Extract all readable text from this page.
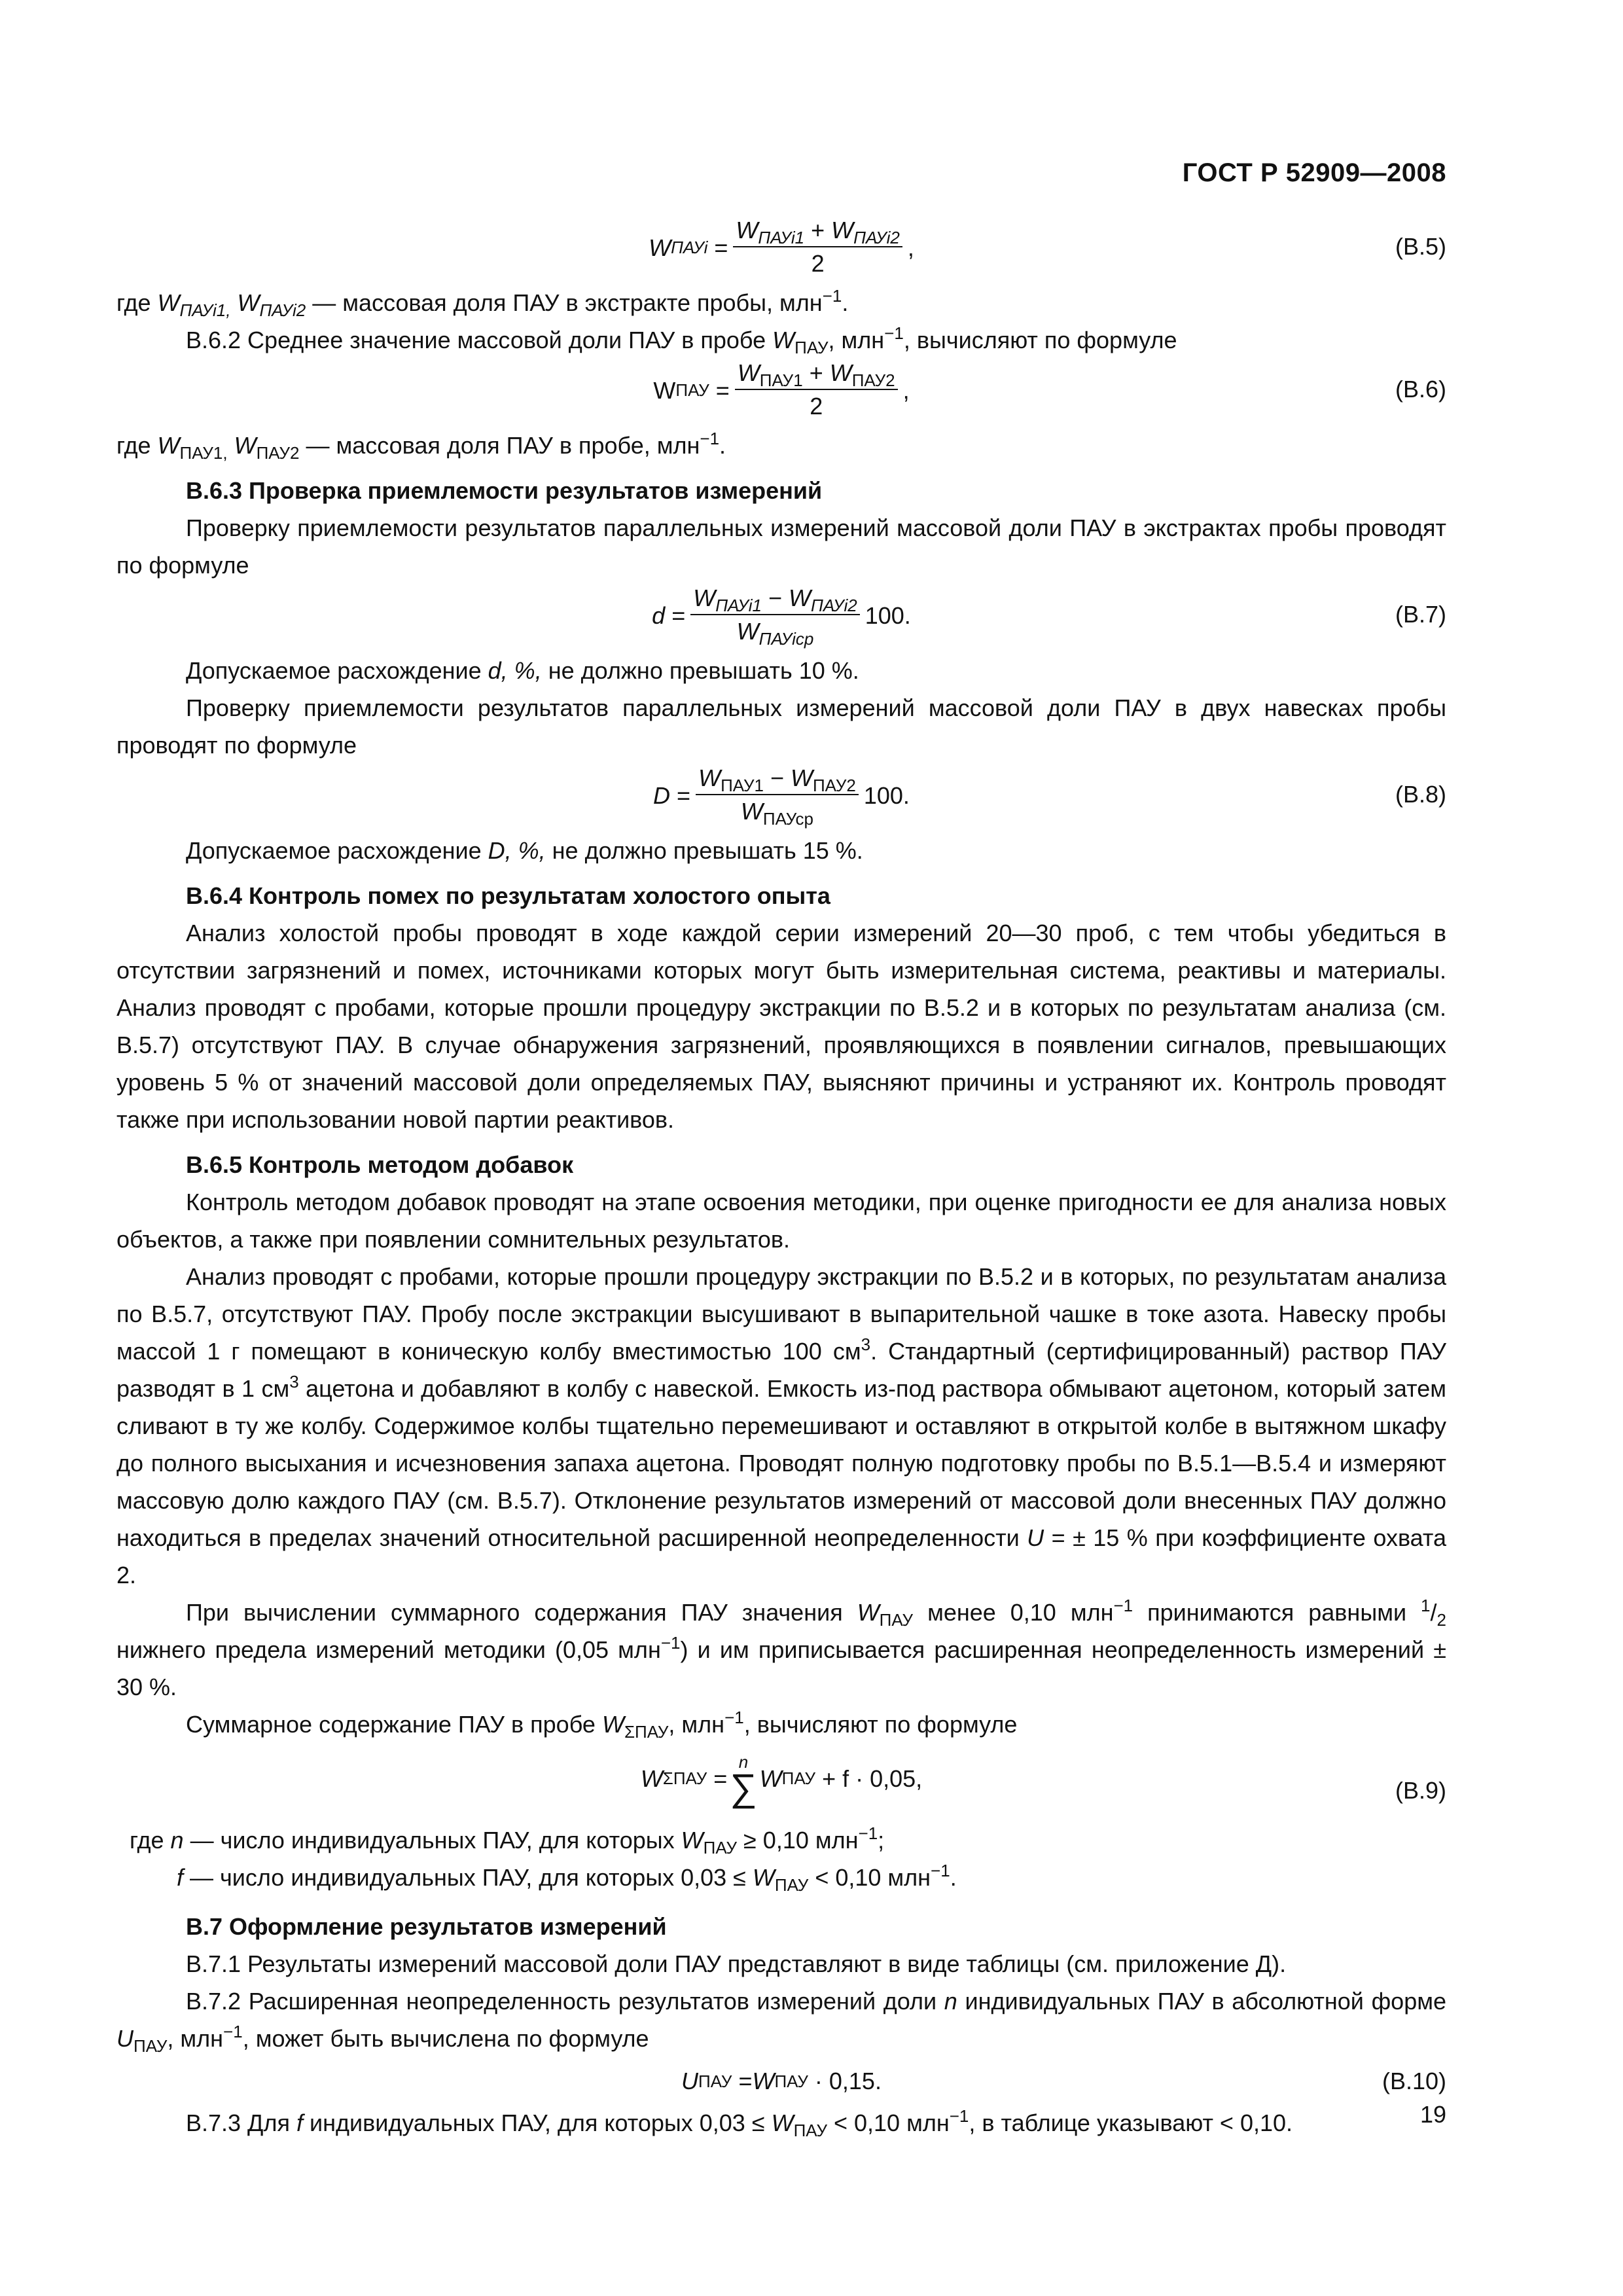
ГОСТ Р 52909—2008
W ПАУi = $\frac{W_{ПАУi1} + W_{ПАУi2}}{2}$ ,	(B.5)

где $W_{ПАУi1,}$ $W_{ПАУi2}$ — массовая доля ПАУ в экстракте пробы, млн$^{-1}$.

В.6.2 Среднее значение массовой доли ПАУ в пробе $W_{ПАУ}$, млн$^{-1}$, вычисляют по формуле

W ПАУ = $\frac{W_{ПАУ1} + W_{ПАУ2}}{2}$ ,	(B.6)

где $W_{ПАУ1,}$ $W_{ПАУ2}$ — массовая доля ПАУ в пробе, млн$^{-1}$.

В.6.3 Проверка приемлемости результатов измерений

Проверку приемлемости результатов параллельных измерений массовой доли ПАУ в экстрактах пробы проводят по формуле

$d = \frac{W_{ПАУi1} - W_{ПАУi2}}{W_{ПАУiср}} 100$.	(B.7)

Допускаемое расхождение d, %, не должно превышать 10 %.

Проверку приемлемости результатов параллельных измерений массовой доли ПАУ в двух навесках пробы проводят по формуле

$D = \frac{W_{ПАУ1} - W_{ПАУ2}}{W_{ПАУср}} 100$.	(B.8)

Допускаемое расхождение D, %, не должно превышать 15 %.

В.6.4 Контроль помех по результатам холостого опыта

Анализ холостой пробы проводят в ходе каждой серии измерений 20—30 проб, с тем чтобы убедиться в отсутствии загрязнений и помех, источниками которых могут быть измерительная система, реактивы и материалы. Анализ проводят с пробами, которые прошли процедуру экстракции по В.5.2 и в которых по результатам анализа (см. В.5.7) отсутствуют ПАУ. В случае обнаружения загрязнений, проявляющихся в появлении сигналов, превышающих уровень 5 % от значений массовой доли определяемых ПАУ, выясняют причины и устраняют их. Контроль проводят также при использовании новой партии реактивов.

В.6.5 Контроль методом добавок

Контроль методом добавок проводят на этапе освоения методики, при оценке пригодности ее для анализа новых объектов, а также при появлении сомнительных результатов.

Анализ проводят с пробами, которые прошли процедуру экстракции по В.5.2 и в которых, по результатам анализа по В.5.7, отсутствуют ПАУ. Пробу после экстракции высушивают в выпарительной чашке в токе азота. Навеску пробы массой 1 г помещают в коническую колбу вместимостью 100 $см^3$. Стандартный (сертифицированный) раствор ПАУ разводят в 1 $см^3$ ацетона и добавляют в колбу с навеской. Емкость из-под раствора обмывают ацетоном, который затем сливают в ту же колбу. Содержимое колбы тщательно перемешивают и оставляют в открытой колбе в вытяжном шкафу до полного высыхания и исчезновения запаха ацетона. Проводят полную подготовку пробы по В.5.1—В.5.4 и измеряют массовую долю каждого ПАУ (см. В.5.7). Отклонение результатов измерений от массовой доли внесенных ПАУ должно находиться в пределах значений относительной расширенной неопределенности U = ± 15 % при коэффициенте охвата 2.

При вычислении суммарного содержания ПАУ значения $W_{ПАУ}$ менее 0,10 млн$^{-1}$ принимаются равными $^1/_2$ нижнего предела измерений методики (0,05 млн$^{-1}$) и им приписывается расширенная неопределенность измерений ± 30 %.

Суммарное содержание ПАУ в пробе $W_{\Sigma ПАУ}$, млн$^{-1}$, вычисляют по формуле

W ΣПАУ =
n
∑ W ПАУ
+ f · 0,05,	(B.9)

где n — число индивидуальных ПАУ, для которых $W_{ПАУ} \ge 0,10$ млн$^{-1}$;

f — число индивидуальных ПАУ, для которых $0,03 \le W_{ПАУ} < 0,10$ млн$^{-1}$.

В.7 Оформление результатов измерений

В.7.1 Результаты измерений массовой доли ПАУ представляют в виде таблицы (см. приложение Д).

В.7.2 Расширенная неопределенность результатов измерений доли n индивидуальных ПАУ в абсолютной форме $U_{ПАУ}$, млн$^{-1}$, может быть вычислена по формуле

U ПАУ = W ПАУ
· 0,15.	(B.10)

В.7.3 Для f индивидуальных ПАУ, для которых $0,03 \le W_{ПАУ} < 0,10$ млн$^{-1}$, в таблице указывают < 0,10.	19
